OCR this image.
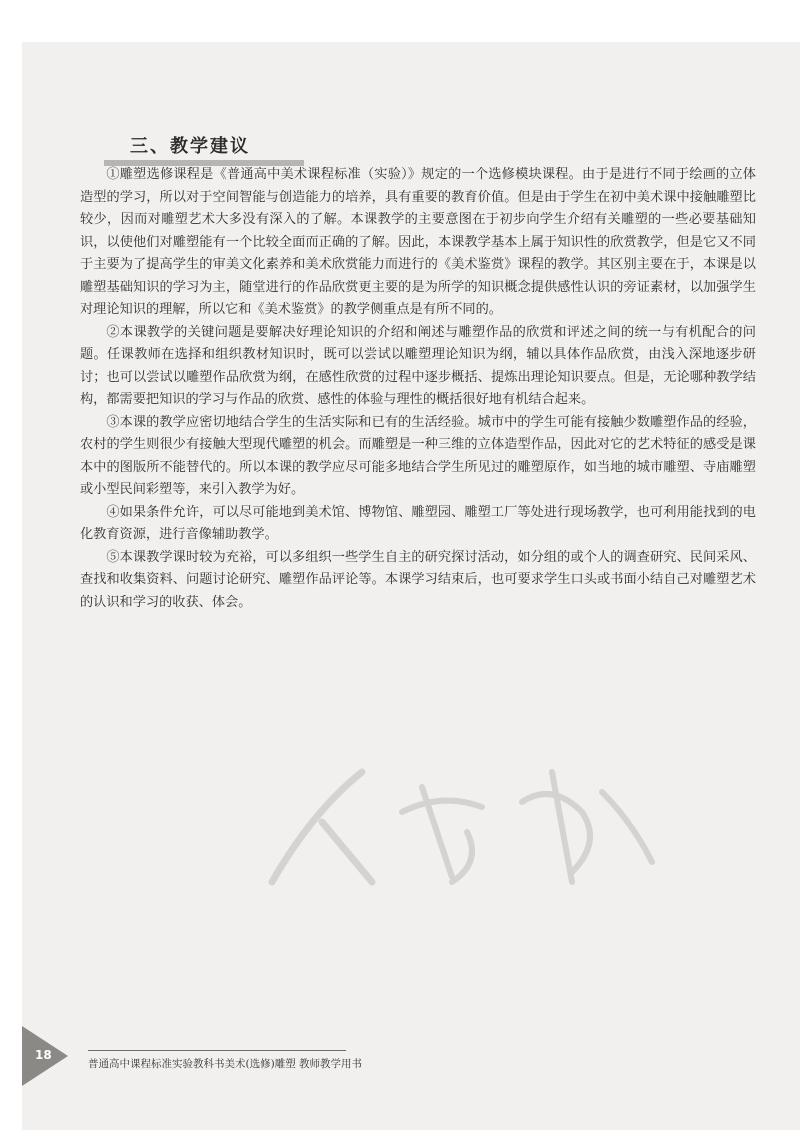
三、教学建议

①雕塑选修课程是《普通高中美术课程标准（实验）》规定的一个选修模块课程。由于是进行不同于绘画的立体造型的学习，所以对于空间智能与创造能力的培养，具有重要的教育价值。但是由于学生在初中美术课中接触雕塑比较少，因而对雕塑艺术大多没有深入的了解。本课教学的主要意图在于初步向学生介绍有关雕塑的一些必要基础知识，以使他们对雕塑能有一个比较全面而正确的了解。因此，本课教学基本上属于知识性的欣赏教学，但是它又不同于主要为了提高学生的审美文化素养和美术欣赏能力而进行的《美术鉴赏》课程的教学。其区别主要在于，本课是以雕塑基础知识的学习为主，随堂进行的作品欣赏更主要的是为所学的知识概念提供感性认识的旁证素材，以加强学生对理论知识的理解，所以它和《美术鉴赏》的教学侧重点是有所不同的。

②本课教学的关键问题是要解决好理论知识的介绍和阐述与雕塑作品的欣赏和评述之间的统一与有机配合的问题。任课教师在选择和组织教材知识时，既可以尝试以雕塑理论知识为纲，辅以具体作品欣赏，由浅入深地逐步研讨；也可以尝试以雕塑作品欣赏为纲，在感性欣赏的过程中逐步概括、提炼出理论知识要点。但是，无论哪种教学结构，都需要把知识的学习与作品的欣赏、感性的体验与理性的概括很好地有机结合起来。

③本课的教学应密切地结合学生的生活实际和已有的生活经验。城市中的学生可能有接触少数雕塑作品的经验，农村的学生则很少有接触大型现代雕塑的机会。而雕塑是一种三维的立体造型作品，因此对它的艺术特征的感受是课本中的图版所不能替代的。所以本课的教学应尽可能多地结合学生所见过的雕塑原作，如当地的城市雕塑、寺庙雕塑或小型民间彩塑等，来引入教学为好。

④如果条件允许，可以尽可能地到美术馆、博物馆、雕塑园、雕塑工厂等处进行现场教学，也可利用能找到的电化教育资源，进行音像辅助教学。

⑤本课教学课时较为充裕，可以多组织一些学生自主的研究探讨活动，如分组的或个人的调查研究、民间采风、查找和收集资料、问题讨论研究、雕塑作品评论等。本课学习结束后，也可要求学生口头或书面小结自己对雕塑艺术的认识和学习的收获、体会。

18
普通高中课程标准实验教科书美术(选修)雕塑 教师教学用书
